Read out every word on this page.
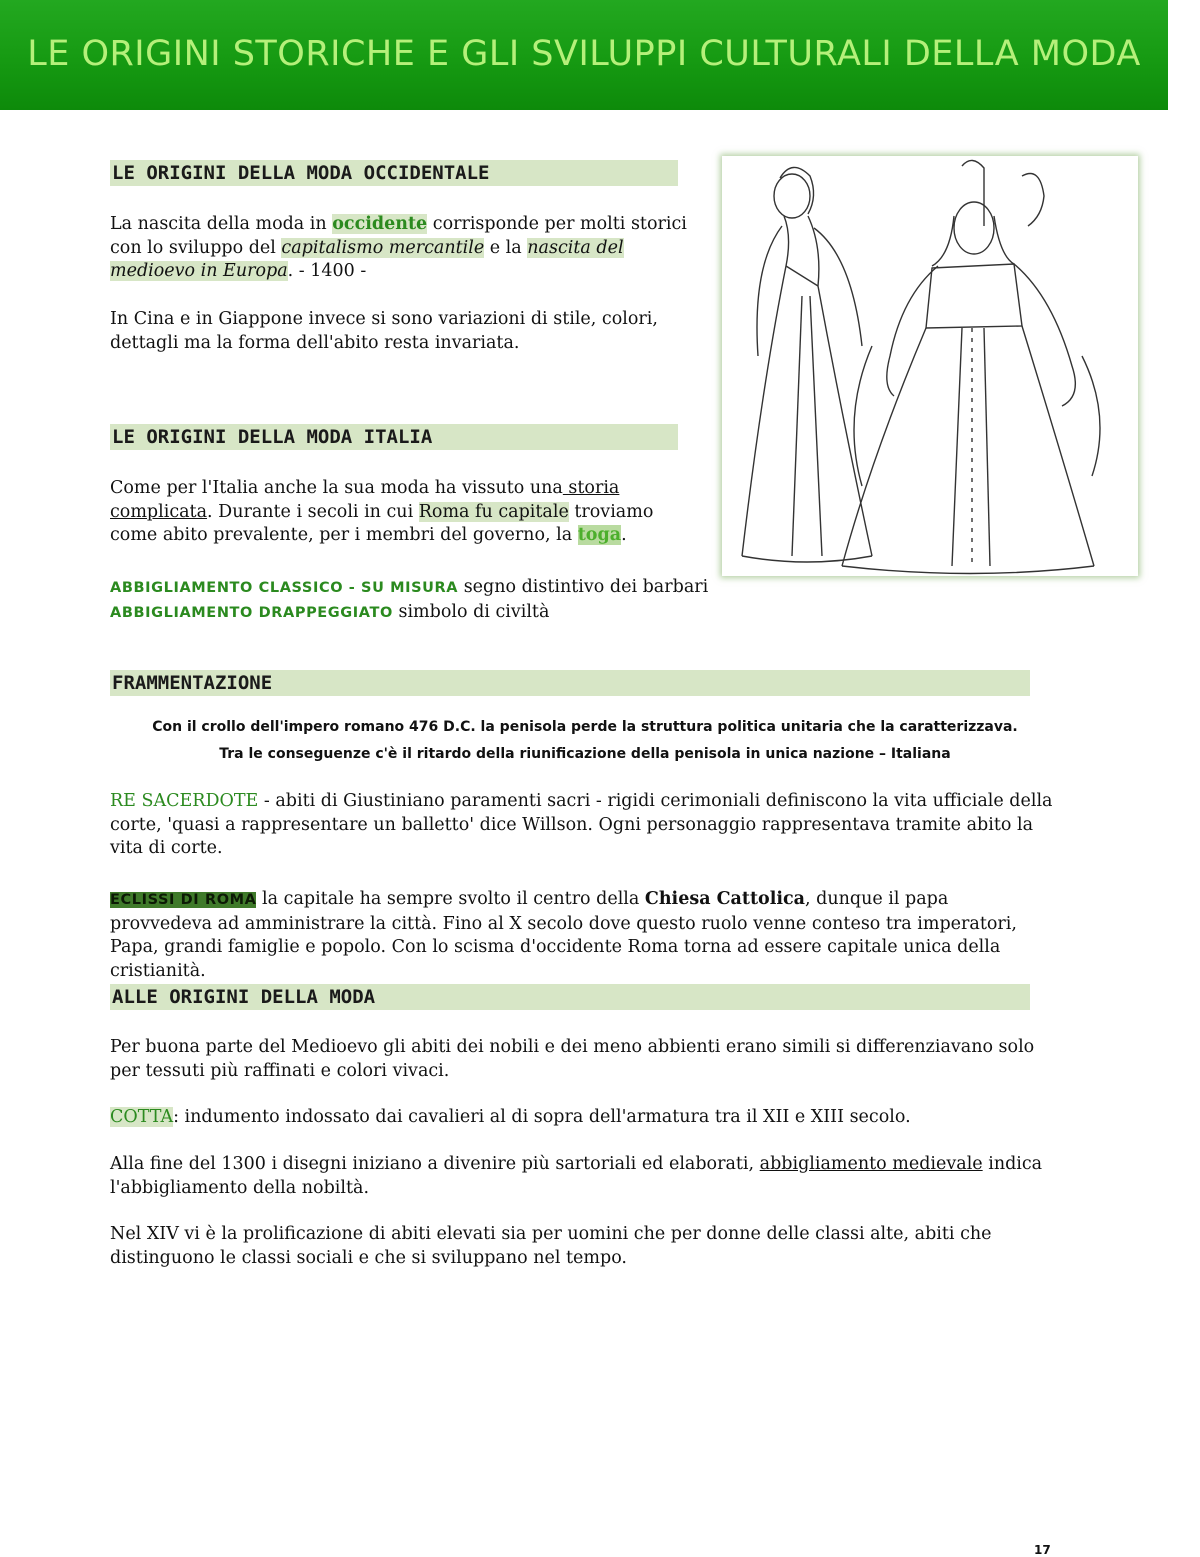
LE ORIGINI STORICHE E GLI SVILUPPI CULTURALI DELLA MODA
LE ORIGINI DELLA MODA OCCIDENTALE
La nascita della moda in occidente corrisponde per molti storici con lo sviluppo del capitalismo mercantile e la nascita del medioevo in Europa. - 1400 -
In Cina e in Giappone invece si sono variazioni di stile, colori, dettagli ma la forma dell'abito resta invariata.
LE ORIGINI DELLA MODA ITALIA
Come per l'Italia anche la sua moda ha vissuto una storia complicata. Durante i secoli in cui Roma fu capitale troviamo come abito prevalente, per i membri del governo, la toga.
ABBIGLIAMENTO CLASSICO - SU MISURA segno distintivo dei barbari
ABBIGLIAMENTO DRAPPEGGIATO simbolo di civiltà
FRAMMENTAZIONE
Con il crollo dell'impero romano 476 D.C. la penisola perde la struttura politica unitaria che la caratterizzava.
Tra le conseguenze c'è il ritardo della riunificazione della penisola in unica nazione – Italiana
RE SACERDOTE - abiti di Giustiniano paramenti sacri - rigidi cerimoniali definiscono la vita ufficiale della corte, 'quasi a rappresentare un balletto' dice Willson. Ogni personaggio rappresentava tramite abito la vita di corte.
ECLISSI DI ROMA la capitale ha sempre svolto il centro della Chiesa Cattolica, dunque il papa provvedeva ad amministrare la città. Fino al X secolo dove questo ruolo venne conteso tra imperatori, Papa, grandi famiglie e popolo. Con lo scisma d'occidente Roma torna ad essere capitale unica della cristianità.
ALLE ORIGINI DELLA MODA
Per buona parte del Medioevo gli abiti dei nobili e dei meno abbienti erano simili si differenziavano solo per tessuti più raffinati e colori vivaci.
COTTA: indumento indossato dai cavalieri al di sopra dell'armatura tra il XII e XIII secolo.
Alla fine del 1300 i disegni iniziano a divenire più sartoriali ed elaborati, abbigliamento medievale indica l'abbigliamento della nobiltà.
Nel XIV vi è la prolificazione di abiti elevati sia per uomini che per donne delle classi alte, abiti che distinguono le classi sociali e che si sviluppano nel tempo.
17
